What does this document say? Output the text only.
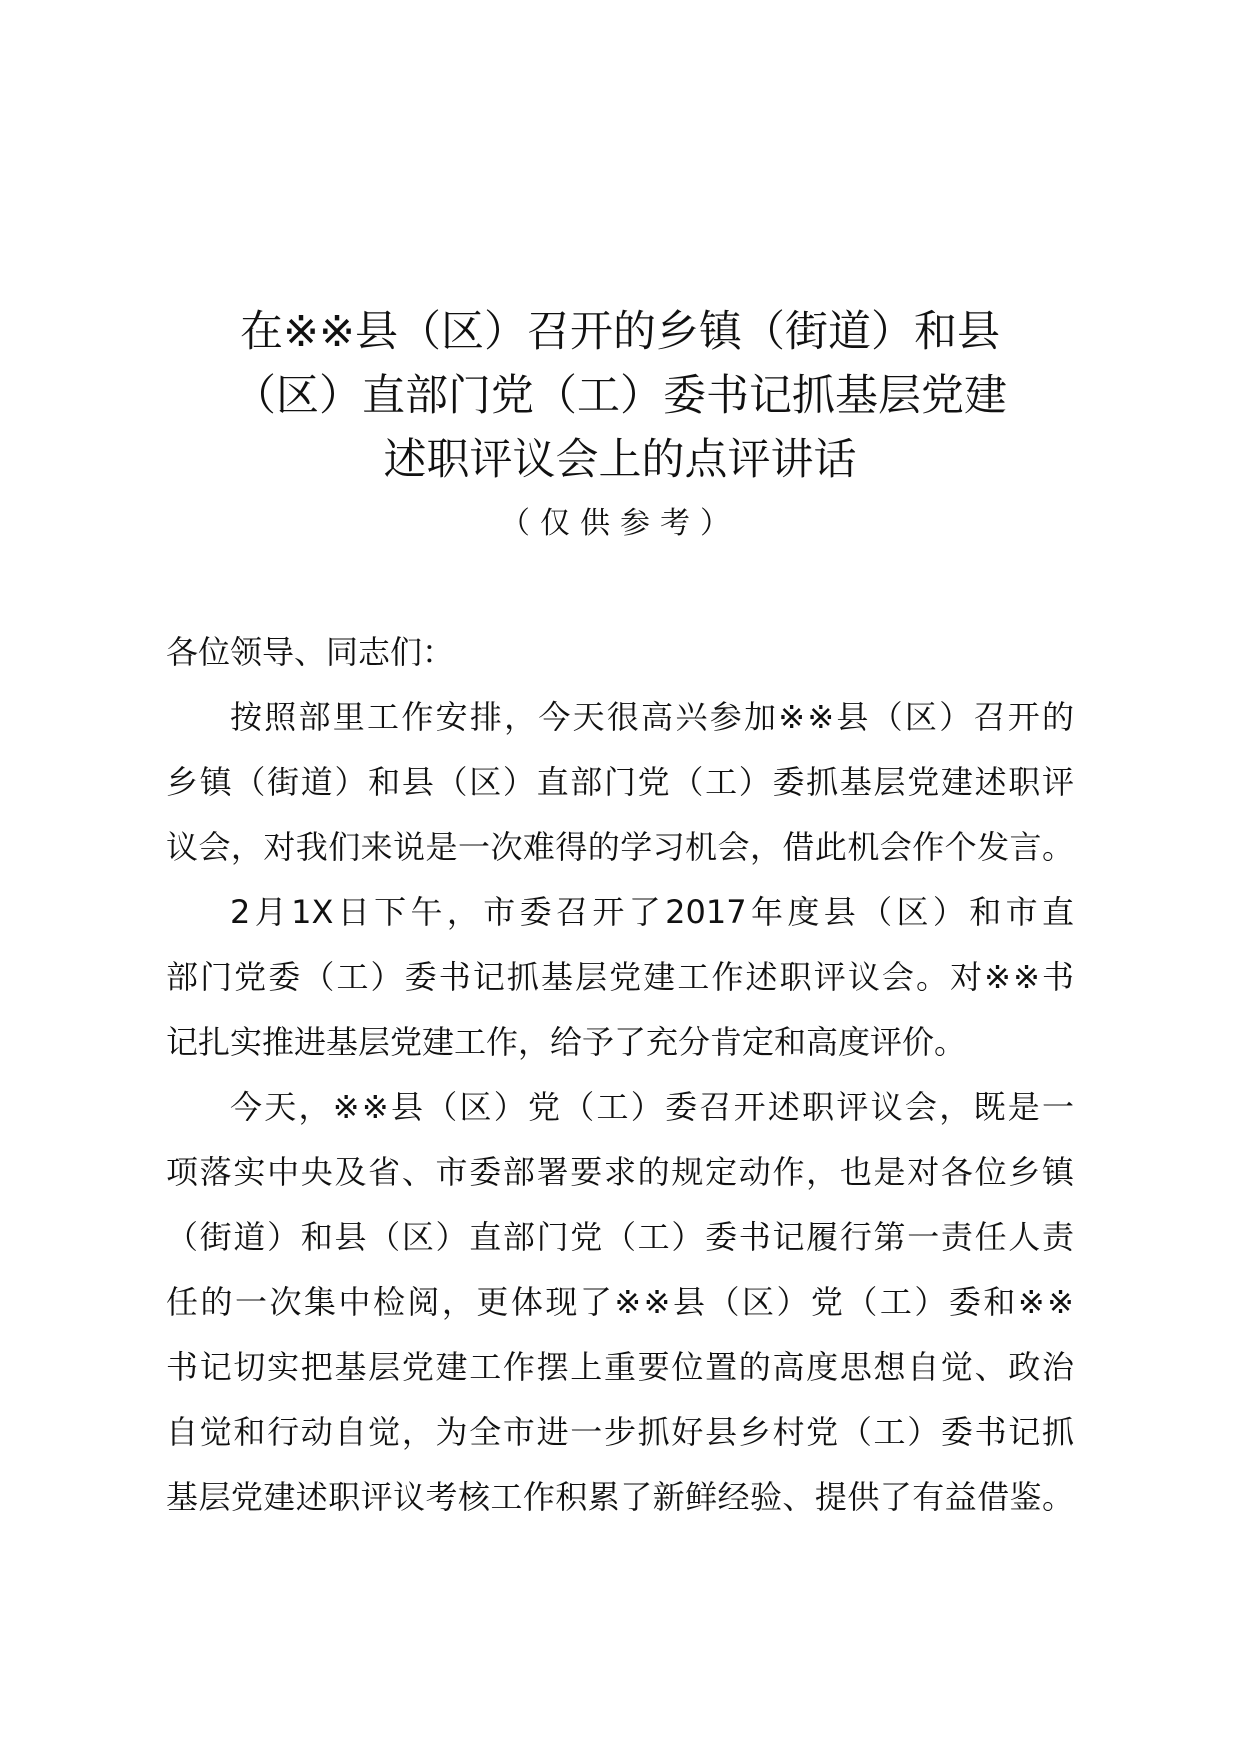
在※※县（区）召开的乡镇（街道）和县
（区）直部门党（工）委书记抓基层党建
述职评议会上的点评讲话
（仅供参考）
各位领导、同志们：
按照部里工作安排，今天很高兴参加※※县（区）召开的
乡镇（街道）和县（区）直部门党（工）委抓基层党建述职评
议会，对我们来说是一次难得的学习机会，借此机会作个发言。
2月1X日下午，市委召开了2017年度县（区）和市直
部门党委（工）委书记抓基层党建工作述职评议会。对※※书
记扎实推进基层党建工作，给予了充分肯定和高度评价。
今天，※※县（区）党（工）委召开述职评议会，既是一
项落实中央及省、市委部署要求的规定动作，也是对各位乡镇
（街道）和县（区）直部门党（工）委书记履行第一责任人责
任的一次集中检阅，更体现了※※县（区）党（工）委和※※
书记切实把基层党建工作摆上重要位置的高度思想自觉、政治
自觉和行动自觉，为全市进一步抓好县乡村党（工）委书记抓
基层党建述职评议考核工作积累了新鲜经验、提供了有益借鉴。
